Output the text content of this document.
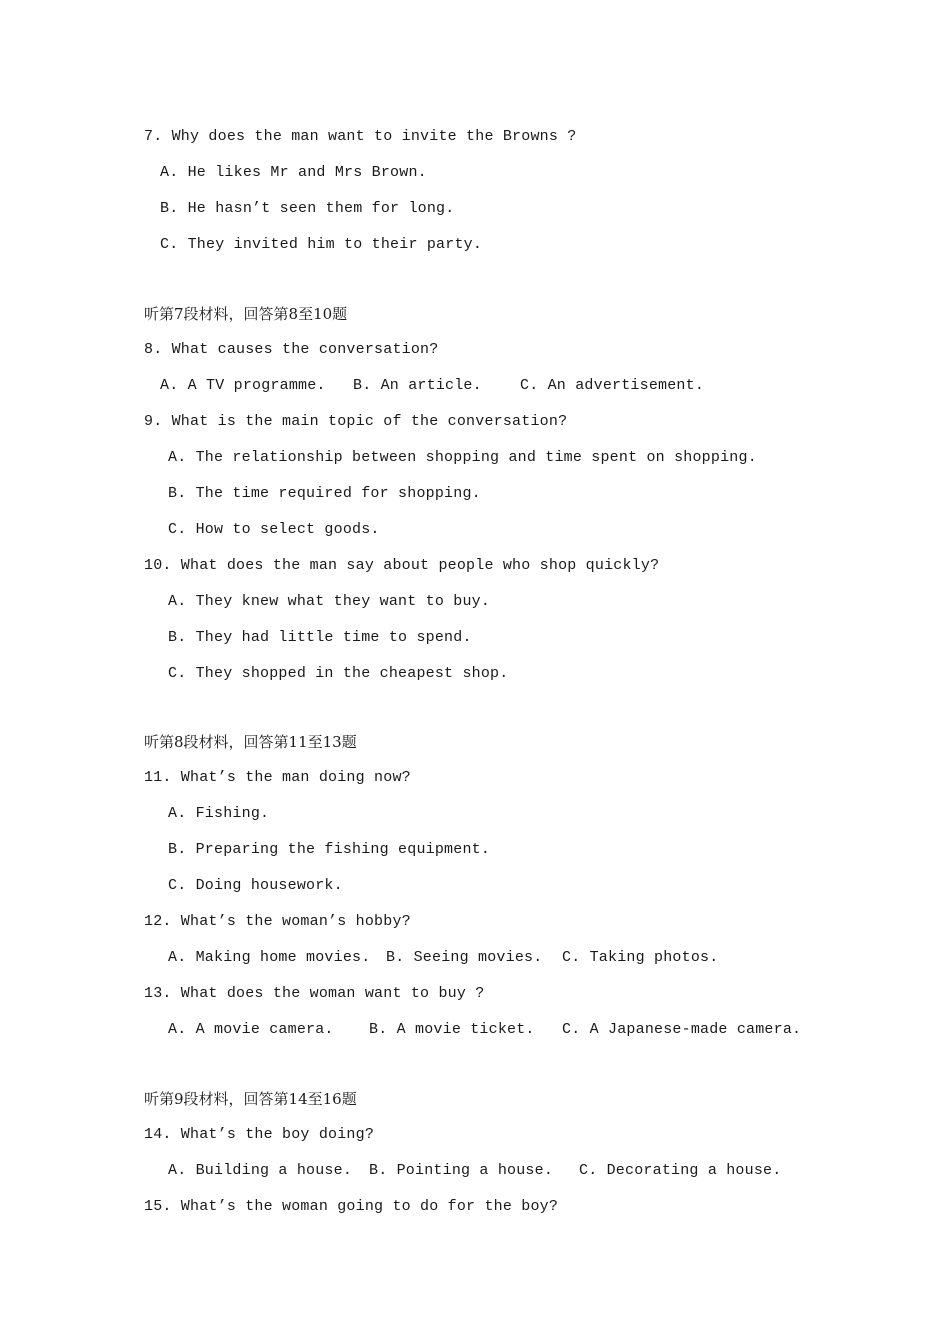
7. Why does the man want to invite the Browns ?
A. He likes Mr and Mrs Brown.
B. He hasn’t seen them for long.
C. They invited him to their party.
听第7段材料，回答第8至10题
8. What causes the conversation?
A. A TV programme. B. An article.	C. An advertisement.
9. What is the main topic of the conversation?
A. The relationship between shopping and time spent on shopping.
B. The time required for shopping.
C. How to select goods.
10. What does the man say about people who shop quickly?
A. They knew what they want to buy.
B. They had little time to spend.
C. They shopped in the cheapest shop.
听第8段材料，回答第11至13题
11. What’s the man doing now?
A. Fishing.
B. Preparing the fishing equipment.
C. Doing housework.
12. What’s the woman’s hobby?
A. Making home movies. B. Seeing movies. C. Taking photos.
13. What does the woman want to buy ?
A. A movie camera. B. A movie ticket. C. A Japanese-made camera.
听第9段材料，回答第14至16题
14. What’s the boy doing?
A. Building a house. B. Pointing a house. C. Decorating a house.
15. What’s the woman going to do for the boy?
